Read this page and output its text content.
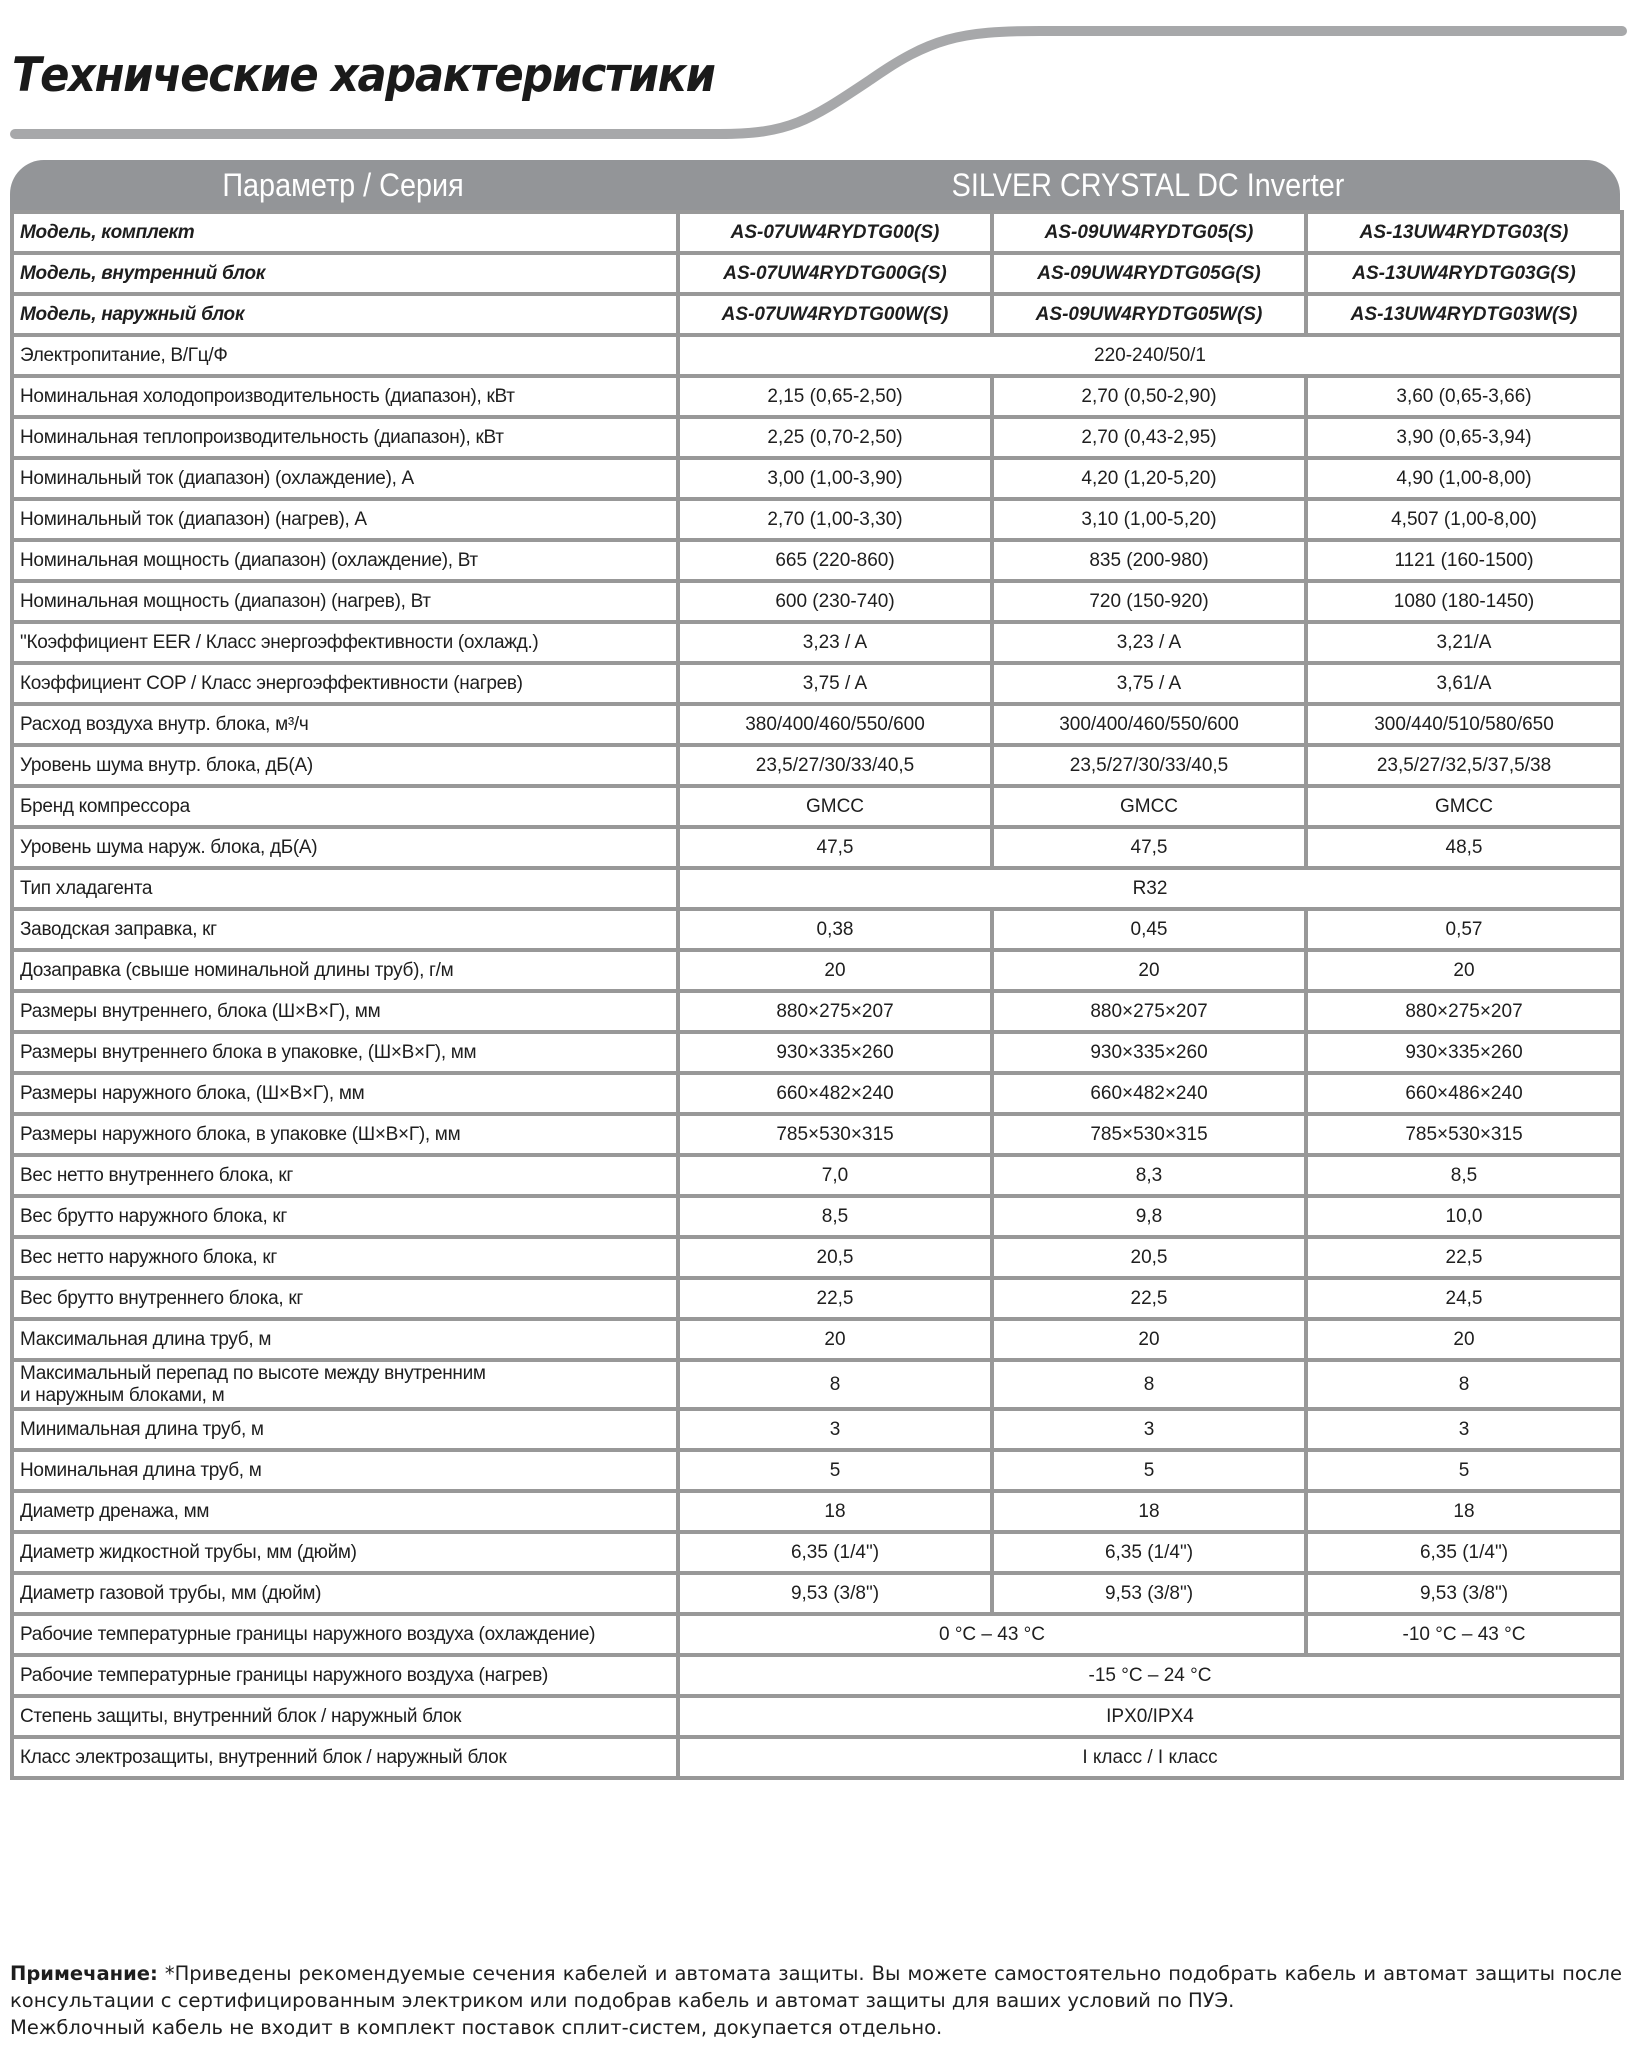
Технические характеристики
Параметр / Серия	SILVER CRYSTAL DC Inverter
Модель, комплект	AS-07UW4RYDTG00(S)	AS-09UW4RYDTG05(S)	AS-13UW4RYDTG03(S)
Модель, внутренний блок	AS-07UW4RYDTG00G(S)	AS-09UW4RYDTG05G(S)	AS-13UW4RYDTG03G(S)
Модель, наружный блок	AS-07UW4RYDTG00W(S)	AS-09UW4RYDTG05W(S)	AS-13UW4RYDTG03W(S)
Электропитание, В/Гц/Ф	220-240/50/1		
Номинальная холодопроизводительность (диапазон), кВт	2,15 (0,65-2,50)	2,70 (0,50-2,90)	3,60 (0,65-3,66)
Номинальная теплопроизводительность (диапазон), кВт	2,25 (0,70-2,50)	2,70 (0,43-2,95)	3,90 (0,65-3,94)
Номинальный ток (диапазон) (охлаждение), А	3,00 (1,00-3,90)	4,20 (1,20-5,20)	4,90 (1,00-8,00)
Номинальный ток (диапазон) (нагрев), А	2,70 (1,00-3,30)	3,10 (1,00-5,20)	4,507 (1,00-8,00)
Номинальная мощность (диапазон) (охлаждение), Вт	665 (220-860)	835 (200-980)	1121 (160-1500)
Номинальная мощность (диапазон) (нагрев), Вт	600 (230-740)	720 (150-920)	1080 (180-1450)
"Коэффициент EER / Класс энергоэффективности (охлажд.)	3,23 / A	3,23 / A	3,21/A
Коэффициент COP / Класс энергоэффективности (нагрев)	3,75 / A	3,75 / A	3,61/A
Расход воздуха внутр. блока, м³/ч	380/400/460/550/600	300/400/460/550/600	300/440/510/580/650
Уровень шума внутр. блока, дБ(А)	23,5/27/30/33/40,5	23,5/27/30/33/40,5	23,5/27/32,5/37,5/38
Бренд компрессора	GMCC	GMCC	GMCC
Уровень шума наруж. блока, дБ(А)	47,5	47,5	48,5
Тип хладагента	R32		
Заводская заправка, кг	0,38	0,45	0,57
Дозаправка (свыше номинальной длины труб), г/м	20	20	20
Размеры внутреннего, блока (Ш×В×Г), мм	880×275×207	880×275×207	880×275×207
Размеры внутреннего блока в упаковке, (Ш×В×Г), мм	930×335×260	930×335×260	930×335×260
Размеры наружного блока, (Ш×В×Г), мм	660×482×240	660×482×240	660×486×240
Размеры наружного блока, в упаковке (Ш×В×Г), мм	785×530×315	785×530×315	785×530×315
Вес нетто внутреннего блока, кг	7,0	8,3	8,5
Вес брутто наружного блока, кг	8,5	9,8	10,0
Вес нетто наружного блока, кг	20,5	20,5	22,5
Вес брутто внутреннего блока, кг	22,5	22,5	24,5
Максимальная длина труб, м	20	20	20
Максимальный перепад по высоте между внутренним
и наружным блоками, м	8	8	8
Минимальная длина труб, м	3	3	3
Номинальная длина труб, м	5	5	5
Диаметр дренажа, мм	18	18	18
Диаметр жидкостной трубы, мм (дюйм)	6,35 (1/4")	6,35 (1/4")	6,35 (1/4")
Диаметр газовой трубы, мм (дюйм)	9,53 (3/8")	9,53 (3/8")	9,53 (3/8")
Рабочие температурные границы наружного воздуха (охлаждение)	0 °C – 43 °C		-10 °C – 43 °C
Рабочие температурные границы наружного воздуха (нагрев)	-15 °C – 24 °C		
Степень защиты, внутренний блок / наружный блок	IPX0/IPX4		
Класс электрозащиты, внутренний блок / наружный блок	I класс / I класс		
Примечание: *Приведены рекомендуемые сечения кабелей и автомата защиты. Вы можете самостоятельно подобрать кабель и автомат защиты после консультации с сертифицированным электриком или подобрав кабель и автомат защиты для ваших условий по ПУЭ.
Межблочный кабель не входит в комплект поставок сплит-систем, докупается отдельно.
